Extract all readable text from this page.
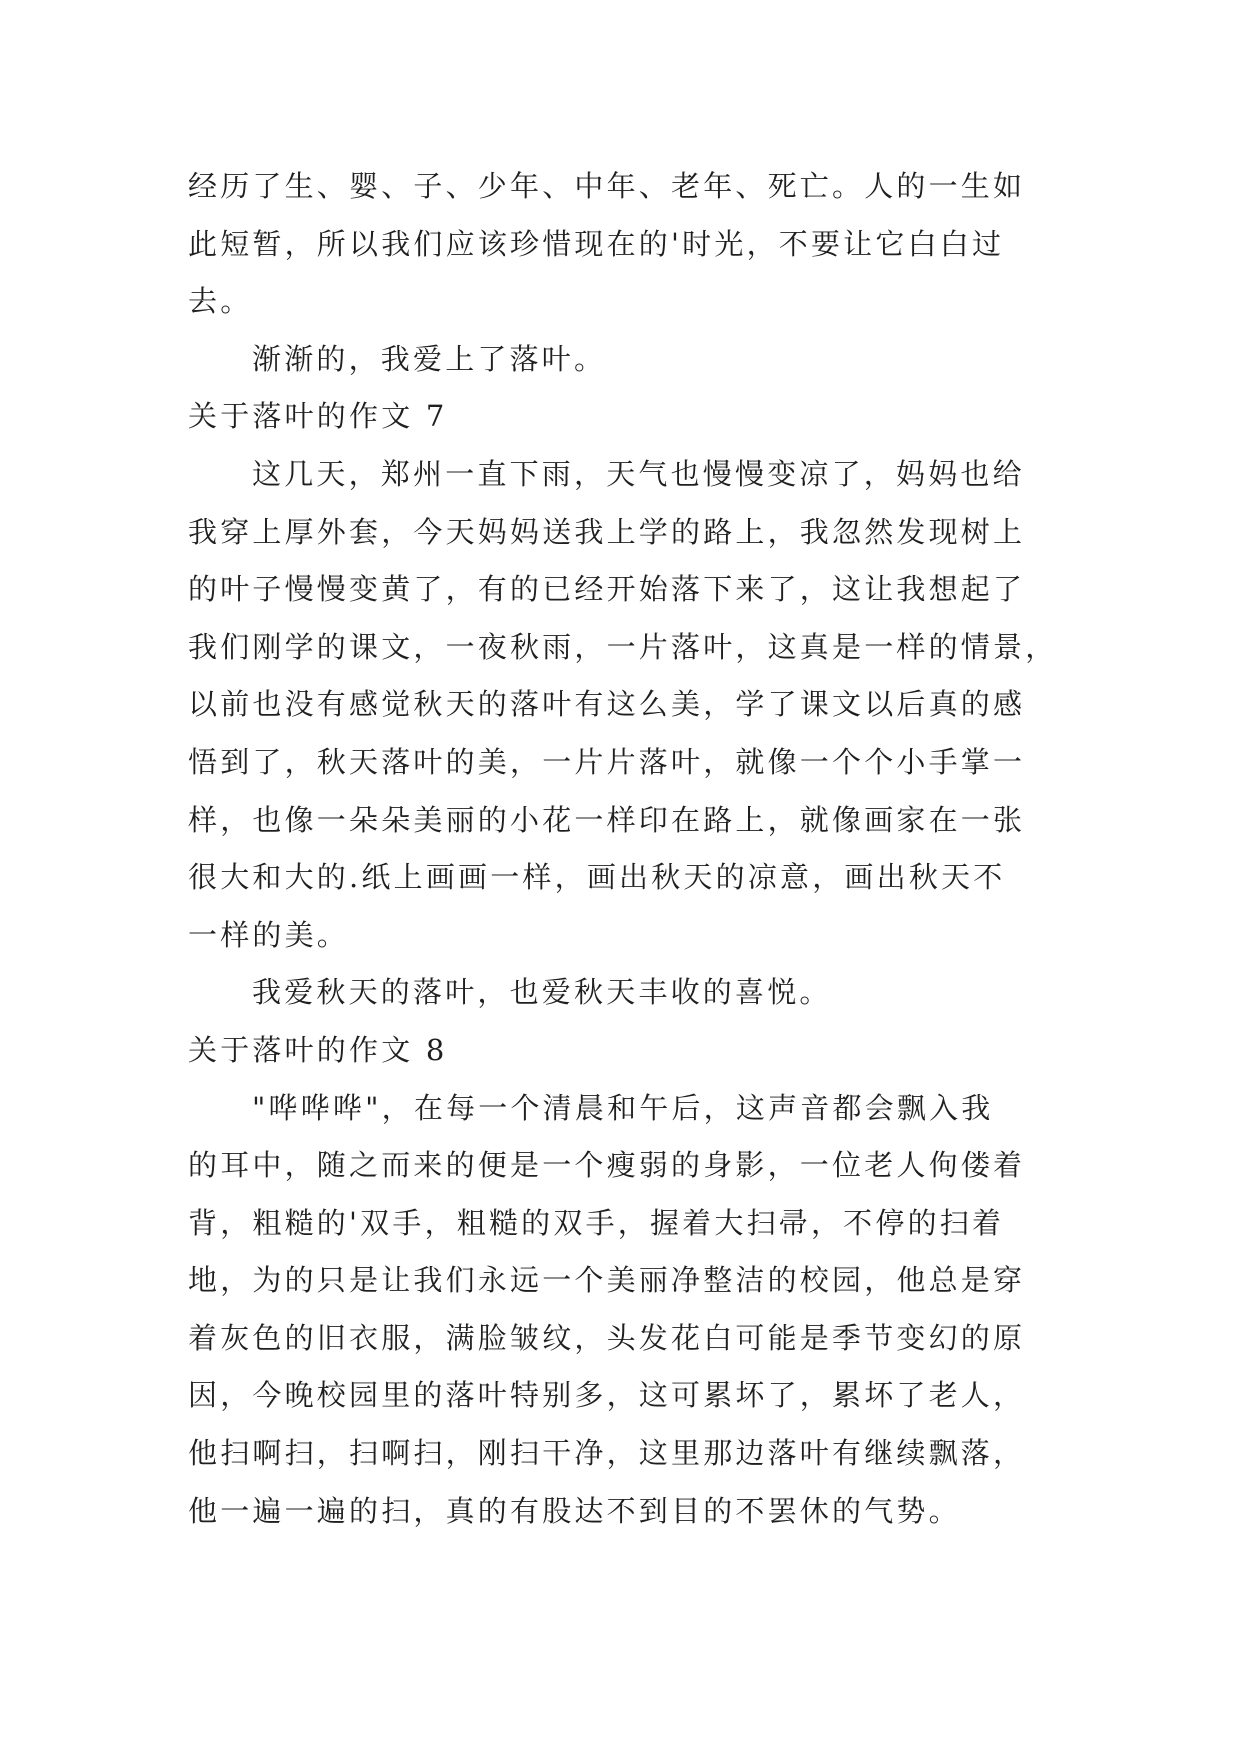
经历了生、婴、子、少年、中年、老年、死亡。人的一生如
此短暂，所以我们应该珍惜现在的'时光，不要让它白白过
去。
渐渐的，我爱上了落叶。
关于落叶的作文 7
这几天，郑州一直下雨，天气也慢慢变凉了，妈妈也给
我穿上厚外套，今天妈妈送我上学的路上，我忽然发现树上
的叶子慢慢变黄了，有的已经开始落下来了，这让我想起了
我们刚学的课文，一夜秋雨，一片落叶，这真是一样的情景，
以前也没有感觉秋天的落叶有这么美，学了课文以后真的感
悟到了，秋天落叶的美，一片片落叶，就像一个个小手掌一
样，也像一朵朵美丽的小花一样印在路上，就像画家在一张
很大和大的.纸上画画一样，画出秋天的凉意，画出秋天不
一样的美。
我爱秋天的落叶，也爱秋天丰收的喜悦。
关于落叶的作文 8
"哗哗哗"，在每一个清晨和午后，这声音都会飘入我
的耳中，随之而来的便是一个瘦弱的身影，一位老人佝偻着
背，粗糙的'双手，粗糙的双手，握着大扫帚，不停的扫着
地，为的只是让我们永远一个美丽净整洁的校园，他总是穿
着灰色的旧衣服，满脸皱纹，头发花白可能是季节变幻的原
因，今晚校园里的落叶特别多，这可累坏了，累坏了老人，
他扫啊扫，扫啊扫，刚扫干净，这里那边落叶有继续飘落，
他一遍一遍的扫，真的有股达不到目的不罢休的气势。
